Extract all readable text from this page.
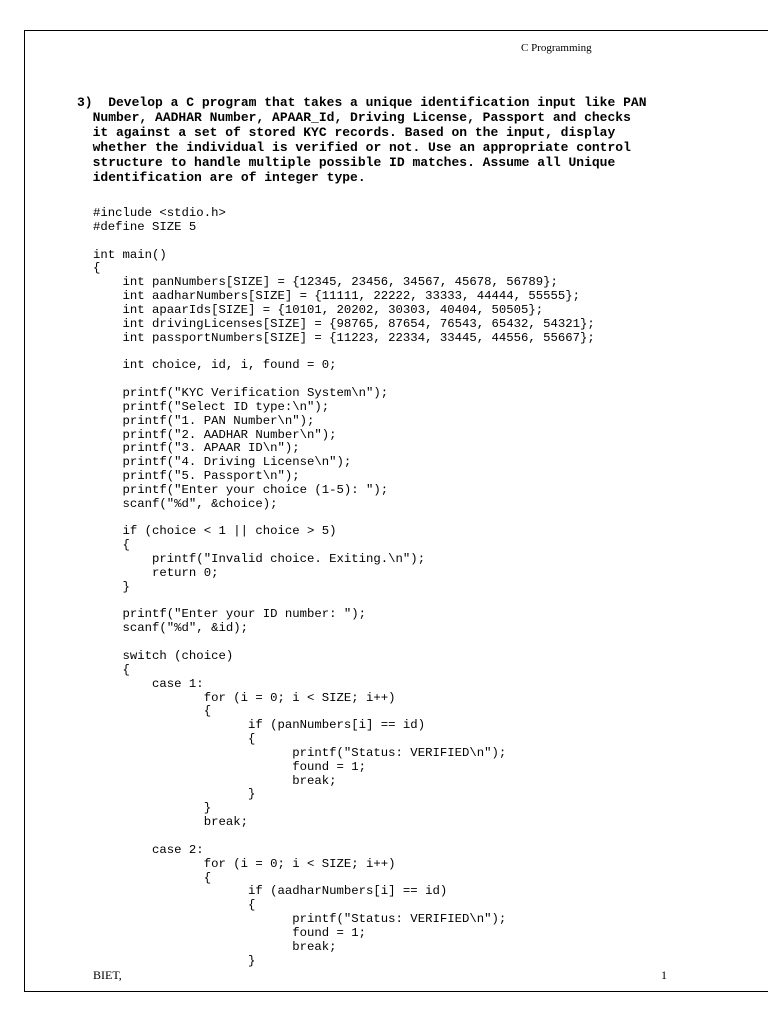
C Programming
3)  Develop a C program that takes a unique identification input like PAN
Number, AADHAR Number, APAAR_Id, Driving License, Passport and checks
it against a set of stored KYC records. Based on the input, display
whether the individual is verified or not. Use an appropriate control
structure to handle multiple possible ID matches. Assume all Unique
identification are of integer type.
#include <stdio.h>
#define SIZE 5
int main()
{
int panNumbers[SIZE] = {12345, 23456, 34567, 45678, 56789};
int aadharNumbers[SIZE] = {11111, 22222, 33333, 44444, 55555};
int apaarIds[SIZE] = {10101, 20202, 30303, 40404, 50505};
int drivingLicenses[SIZE] = {98765, 87654, 76543, 65432, 54321};
int passportNumbers[SIZE] = {11223, 22334, 33445, 44556, 55667};
int choice, id, i, found = 0;
printf("KYC Verification System\n");
printf("Select ID type:\n");
printf("1. PAN Number\n");
printf("2. AADHAR Number\n");
printf("3. APAAR ID\n");
printf("4. Driving License\n");
printf("5. Passport\n");
printf("Enter your choice (1-5): ");
scanf("%d", &choice);
if (choice < 1 || choice > 5)
{
printf("Invalid choice. Exiting.\n");
return 0;
}
printf("Enter your ID number: ");
scanf("%d", &id);
switch (choice)
{
case 1:
for (i = 0; i < SIZE; i++)
{
if (panNumbers[i] == id)
{
printf("Status: VERIFIED\n");
found = 1;
break;
}
}
break;
case 2:
for (i = 0; i < SIZE; i++)
{
if (aadharNumbers[i] == id)
{
printf("Status: VERIFIED\n");
found = 1;
break;
}
BIET,	1
